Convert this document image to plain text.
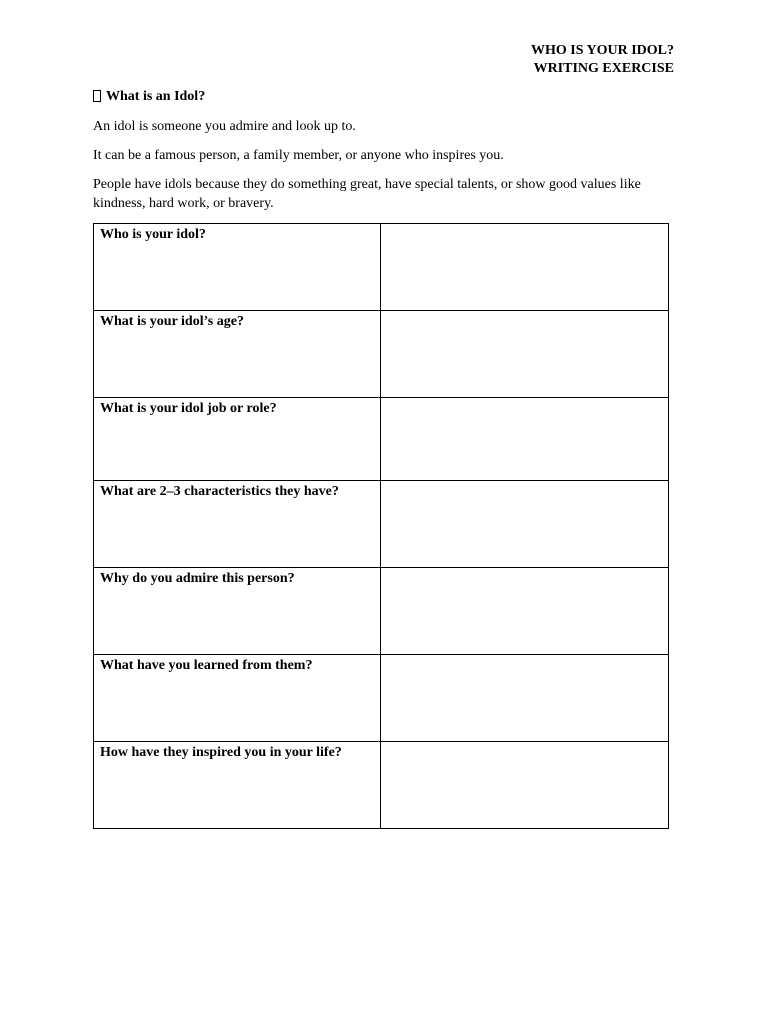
WHO IS YOUR IDOL?
WRITING EXERCISE
What is an Idol?
An idol is someone you admire and look up to.
It can be a famous person, a family member, or anyone who inspires you.
People have idols because they do something great, have special talents, or show good values like kindness, hard work, or bravery.
Who is your idol?	
What is your idol’s age?	
What is your idol job or role?	
What are 2–3 characteristics they have?	
Why do you admire this person?	
What have you learned from them?	
How have they inspired you in your life?	
